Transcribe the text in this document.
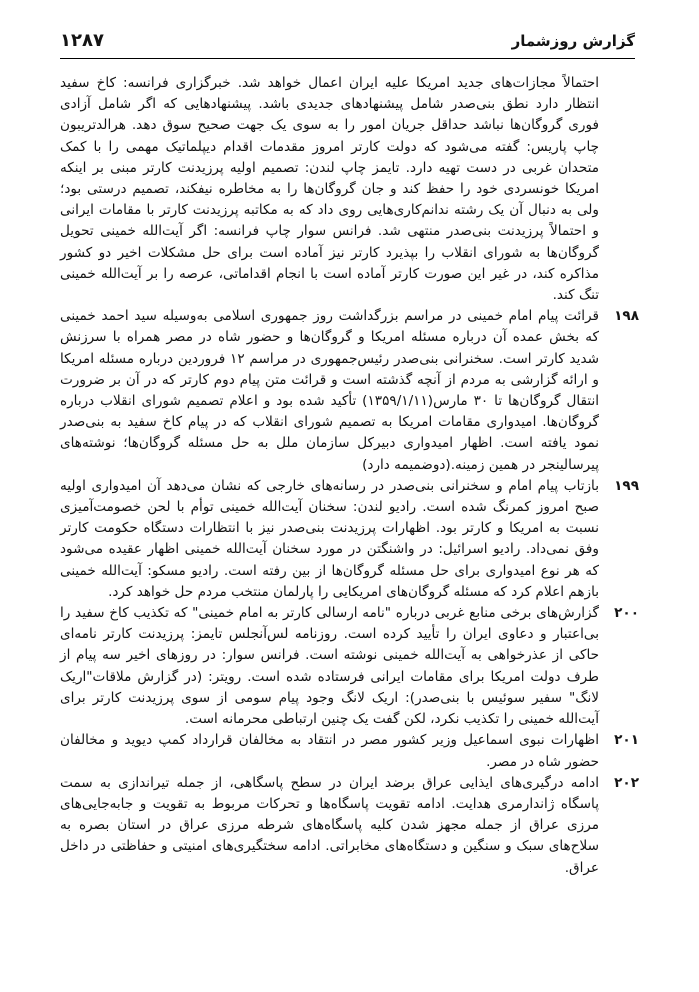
گزارش روزشمار
۱۲۸۷
احتمالاً مجازات‌های جدید امریکا علیه ایران اعمال خواهد شد. خبرگزاری فرانسه: کاخ سفید انتظار دارد نطق بنی‌صدر شامل پیشنهادهای جدیدی باشد. پیشنهادهایی که اگر شامل آزادی فوری گروگان‌ها نباشد حداقل جریان امور را به سوی یک جهت صحیح سوق دهد. هرالدتریبون چاپ پاریس: گفته می‌شود که دولت کارتر امروز مقدمات اقدام دیپلماتیک مهمی را با کمک متحدان غربی در دست تهیه دارد. تایمز چاپ لندن: تصمیم اولیه پرزیدنت کارتر مبنی بر اینکه امریکا خونسردی خود را حفظ کند و جان گروگان‌ها را به مخاطره نیفکند، تصمیم درستی بود؛ ولی به دنبال آن یک رشته ندانم‌کاری‌هایی روی داد که به مکاتبه پرزیدنت کارتر با مقامات ایرانی و احتمالاً پرزیدنت بنی‌صدر منتهی شد. فرانس سوار چاپ فرانسه: اگر آیت‌الله خمینی تحویل گروگان‌ها به شورای انقلاب را بپذیرد کارتر نیز آماده است برای حل مشکلات اخیر دو کشور مذاکره کند، در غیر این صورت کارتر آماده است با انجام اقداماتی، عرصه را بر آیت‌الله خمینی تنگ کند.
۱۹۸
قرائت پیام امام خمینی در مراسم بزرگداشت روز جمهوری اسلامی به‌وسیله سید احمد خمینی که بخش عمده آن درباره مسئله امریکا و گروگان‌ها و حضور شاه در مصر همراه با سرزنش شدید کارتر است. سخنرانی بنی‌صدر رئیس‌جمهوری در مراسم ۱۲ فروردین درباره مسئله امریکا و ارائه گزارشی به مردم از آنچه گذشته است و قرائت متن پیام دوم کارتر که در آن بر ضرورت انتقال گروگان‌ها تا ۳۰ مارس(۱۳۵۹/۱/۱۱) تأکید شده بود و اعلام تصمیم شورای انقلاب درباره گروگان‌ها. امیدواری مقامات امریکا به تصمیم شورای انقلاب که در پیام کاخ سفید به بنی‌صدر نمود یافته است. اظهار امیدواری دبیرکل سازمان ملل به حل مسئله گروگان‌ها؛ نوشته‌های پیرسالینجر در همین زمینه.(دوضمیمه دارد)
۱۹۹
بازتاب پیام امام و سخنرانی بنی‌صدر در رسانه‌های خارجی که نشان می‌دهد آن امیدواری اولیه صبح امروز کمرنگ شده است. رادیو لندن: سخنان آیت‌الله خمینی توأم با لحن خصومت‌آمیزی نسبت به امریکا و کارتر بود. اظهارات پرزیدنت بنی‌صدر نیز با انتظارات دستگاه حکومت کارتر وفق نمی‌داد. رادیو اسرائیل: در واشنگتن در مورد سخنان آیت‌الله خمینی اظهار عقیده می‌شود که هر نوع امیدواری برای حل مسئله گروگان‌ها از بین رفته است. رادیو مسکو: آیت‌الله خمینی بازهم اعلام کرد که مسئله گروگان‌های امریکایی را پارلمان منتخب مردم حل خواهد کرد.
۲۰۰
گزارش‌های برخی منابع غربی درباره "نامه ارسالی کارتر به امام خمینی" که تکذیب کاخ سفید را بی‌اعتبار و دعاوی ایران را تأیید کرده است. روزنامه لس‌آنجلس تایمز: پرزیدنت کارتر نامه‌ای حاکی از عذرخواهی به آیت‌الله خمینی نوشته است. فرانس سوار: در روزهای اخیر سه پیام از طرف دولت امریکا برای مقامات ایرانی فرستاده شده است. رویتر: (در گزارش ملاقات"اریک لانگ" سفیر سوئیس با بنی‌صدر): اریک لانگ وجود پیام سومی از سوی پرزیدنت کارتر برای آیت‌الله خمینی را تکذیب نکرد، لکن گفت یک چنین ارتباطی محرمانه است.
۲۰۱
اظهارات نبوی اسماعیل وزیر کشور مصر در انتقاد به مخالفان قرارداد کمپ دیوید و مخالفان حضور شاه در مصر.
۲۰۲
ادامه درگیری‌های ایذایی عراق برضد ایران در سطح پاسگاهی، از جمله تیراندازی به سمت پاسگاه ژاندارمری هدایت. ادامه تقویت پاسگاه‌ها و تحرکات مربوط به تقویت و جابه‌جایی‌های مرزی عراق از جمله مجهز شدن کلیه پاسگاه‌های شرطه مرزی عراق در استان بصره به سلاح‌های سبک و سنگین و دستگاه‌های مخابراتی. ادامه سختگیری‌های امنیتی و حفاظتی در داخل عراق.
